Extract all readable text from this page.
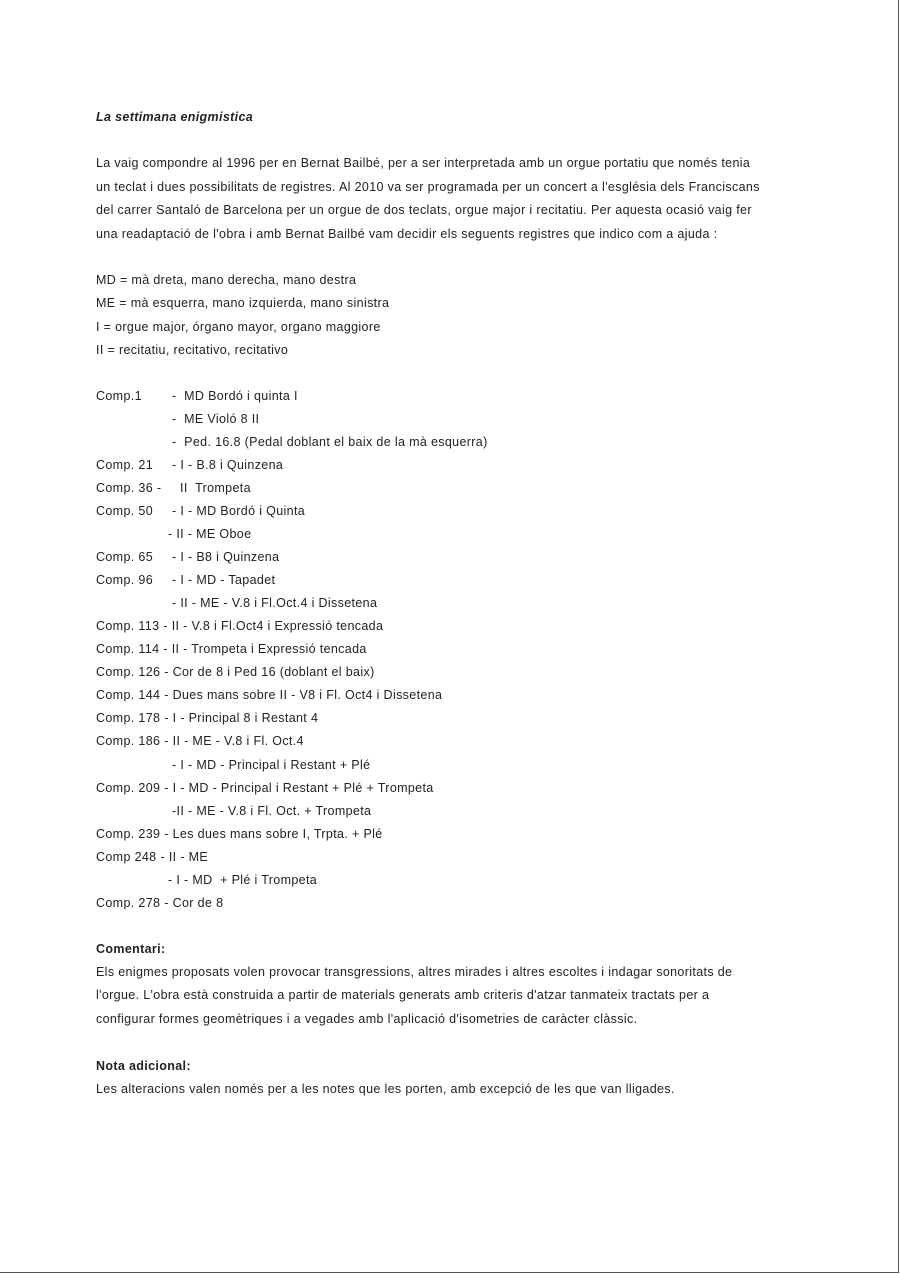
La settimana enigmistica
La vaig compondre al 1996 per en Bernat Bailbé, per a ser interpretada amb un orgue portatiu que només tenia
un teclat i dues possibilitats de registres. Al 2010 va ser programada per un concert a l'església dels Franciscans
del carrer Santaló de Barcelona per un orgue de dos teclats, orgue major i recitatiu. Per aquesta ocasió vaig fer
una readaptació de l'obra i amb Bernat Bailbé vam decidir els seguents registres que indico com a ajuda :
MD = mà dreta, mano derecha, mano destra
ME = mà esquerra, mano izquierda, mano sinistra
I = orgue major, órgano mayor, organo maggiore
II = recitatiu, recitativo, recitativo
Comp.1	-  MD Bordó i quinta I
-  ME Violó 8 II
-  Ped. 16.8 (Pedal doblant el baix de la mà esquerra)
Comp. 21	- I - B.8 i Quinzena
Comp. 36 -	II  Trompeta
Comp. 50	- I - MD Bordó i Quinta
- II - ME Oboe
Comp. 65	- I - B8 i Quinzena
Comp. 96	- I - MD - Tapadet
- II - ME - V.8 i Fl.Oct.4 i Dissetena
Comp. 113 - II - V.8 i Fl.Oct4 i Expressió tencada
Comp. 114 - II - Trompeta i Expressió tencada
Comp. 126 - Cor de 8 i Ped 16 (doblant el baix)
Comp. 144 - Dues mans sobre II - V8 i Fl. Oct4 i Dissetena
Comp. 178 - I - Principal 8 i Restant 4
Comp. 186 - II - ME - V.8 i Fl. Oct.4
- I - MD - Principal i Restant + Plé
Comp. 209 - I - MD - Principal i Restant + Plé + Trompeta
-II - ME - V.8 i Fl. Oct. + Trompeta
Comp. 239 - Les dues mans sobre I, Trpta. + Plé
Comp 248 - II - ME
- I - MD  + Plé i Trompeta
Comp. 278 - Cor de 8
Comentari:
Els enigmes proposats volen provocar transgressions, altres mirades i altres escoltes i indagar sonoritats de
l'orgue. L'obra està construida a partir de materials generats amb criteris d'atzar tanmateix tractats per a
configurar formes geomètriques i a vegades amb l'aplicació d'isometries de caràcter clàssic.
Nota adicional:
Les alteracions valen només per a les notes que les porten, amb excepció de les que van lligades.
